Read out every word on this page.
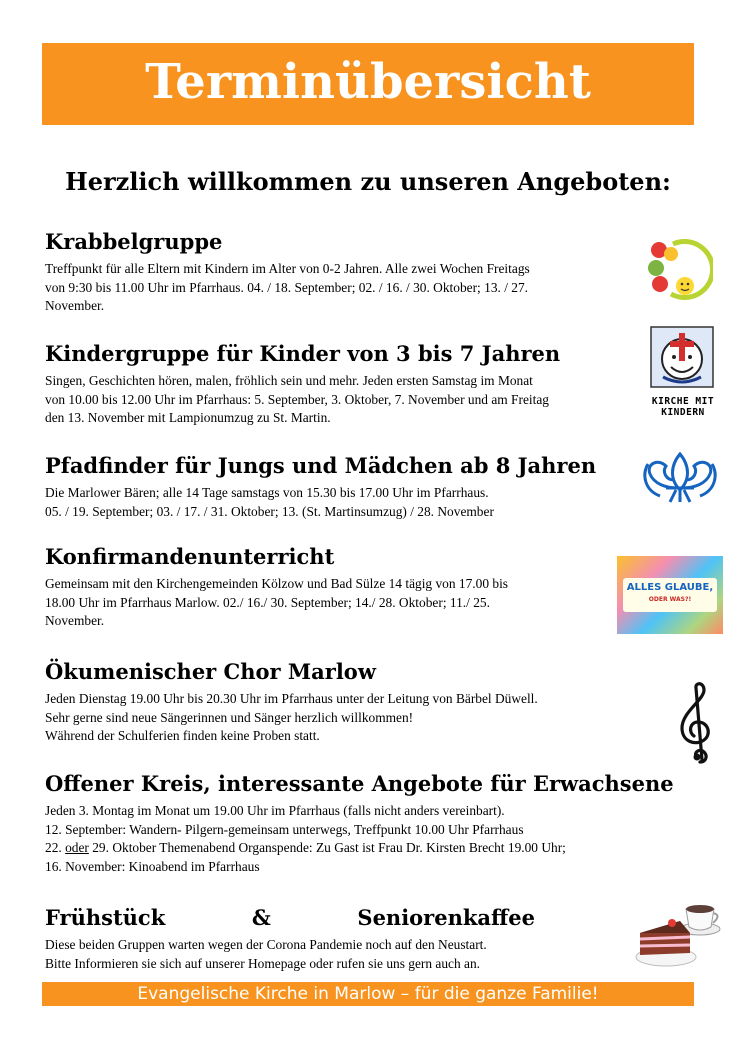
Terminübersicht
Herzlich willkommen zu unseren Angeboten:
Krabbelgruppe
Treffpunkt für alle Eltern mit Kindern im Alter von 0-2 Jahren. Alle zwei Wochen Freitags
von 9:30 bis 11.00 Uhr im Pfarrhaus. 04. / 18. September; 02. / 16. / 30. Oktober; 13. / 27.
November.
Kindergruppe für Kinder von 3 bis 7 Jahren
Singen, Geschichten hören, malen, fröhlich sein und mehr. Jeden ersten Samstag im Monat
von 10.00 bis 12.00 Uhr im Pfarrhaus: 5. September, 3. Oktober, 7. November und am Freitag
den 13. November mit Lampionumzug zu St. Martin.
KIRCHE MIT
KINDERN
Pfadfinder für Jungs und Mädchen ab 8 Jahren
Die Marlower Bären; alle 14 Tage samstags von 15.30 bis 17.00 Uhr im Pfarrhaus.
05. / 19. September; 03. / 17. / 31. Oktober; 13. (St. Martinsumzug) / 28. November
Konfirmandenunterricht
Gemeinsam mit den Kirchengemeinden Kölzow und Bad Sülze 14 tägig von 17.00 bis
18.00 Uhr im Pfarrhaus Marlow. 02./ 16./ 30. September; 14./ 28. Oktober; 11./ 25.
November.
ALLES GLAUBE,
ODER WAS?!
Ökumenischer Chor Marlow
Jeden Dienstag 19.00 Uhr bis 20.30 Uhr im Pfarrhaus unter der Leitung von Bärbel Düwell.
Sehr gerne sind neue Sängerinnen und Sänger herzlich willkommen!
Während der Schulferien finden keine Proben statt.
Offener Kreis, interessante Angebote für Erwachsene
Jeden 3. Montag im Monat um 19.00 Uhr im Pfarrhaus (falls nicht anders vereinbart).
12. September: Wandern- Pilgern-gemeinsam unterwegs, Treffpunkt 10.00 Uhr Pfarrhaus
22. oder 29. Oktober Themenabend Organspende: Zu Gast ist Frau Dr. Kirsten Brecht 19.00 Uhr;
16. November: Kinoabend im Pfarrhaus
Frühstück	&	Seniorenkaffee
Diese beiden Gruppen warten wegen der Corona Pandemie noch auf den Neustart.
Bitte Informieren sie sich auf unserer Homepage oder rufen sie uns gern auch an.
Evangelische Kirche in Marlow – für die ganze Familie!
